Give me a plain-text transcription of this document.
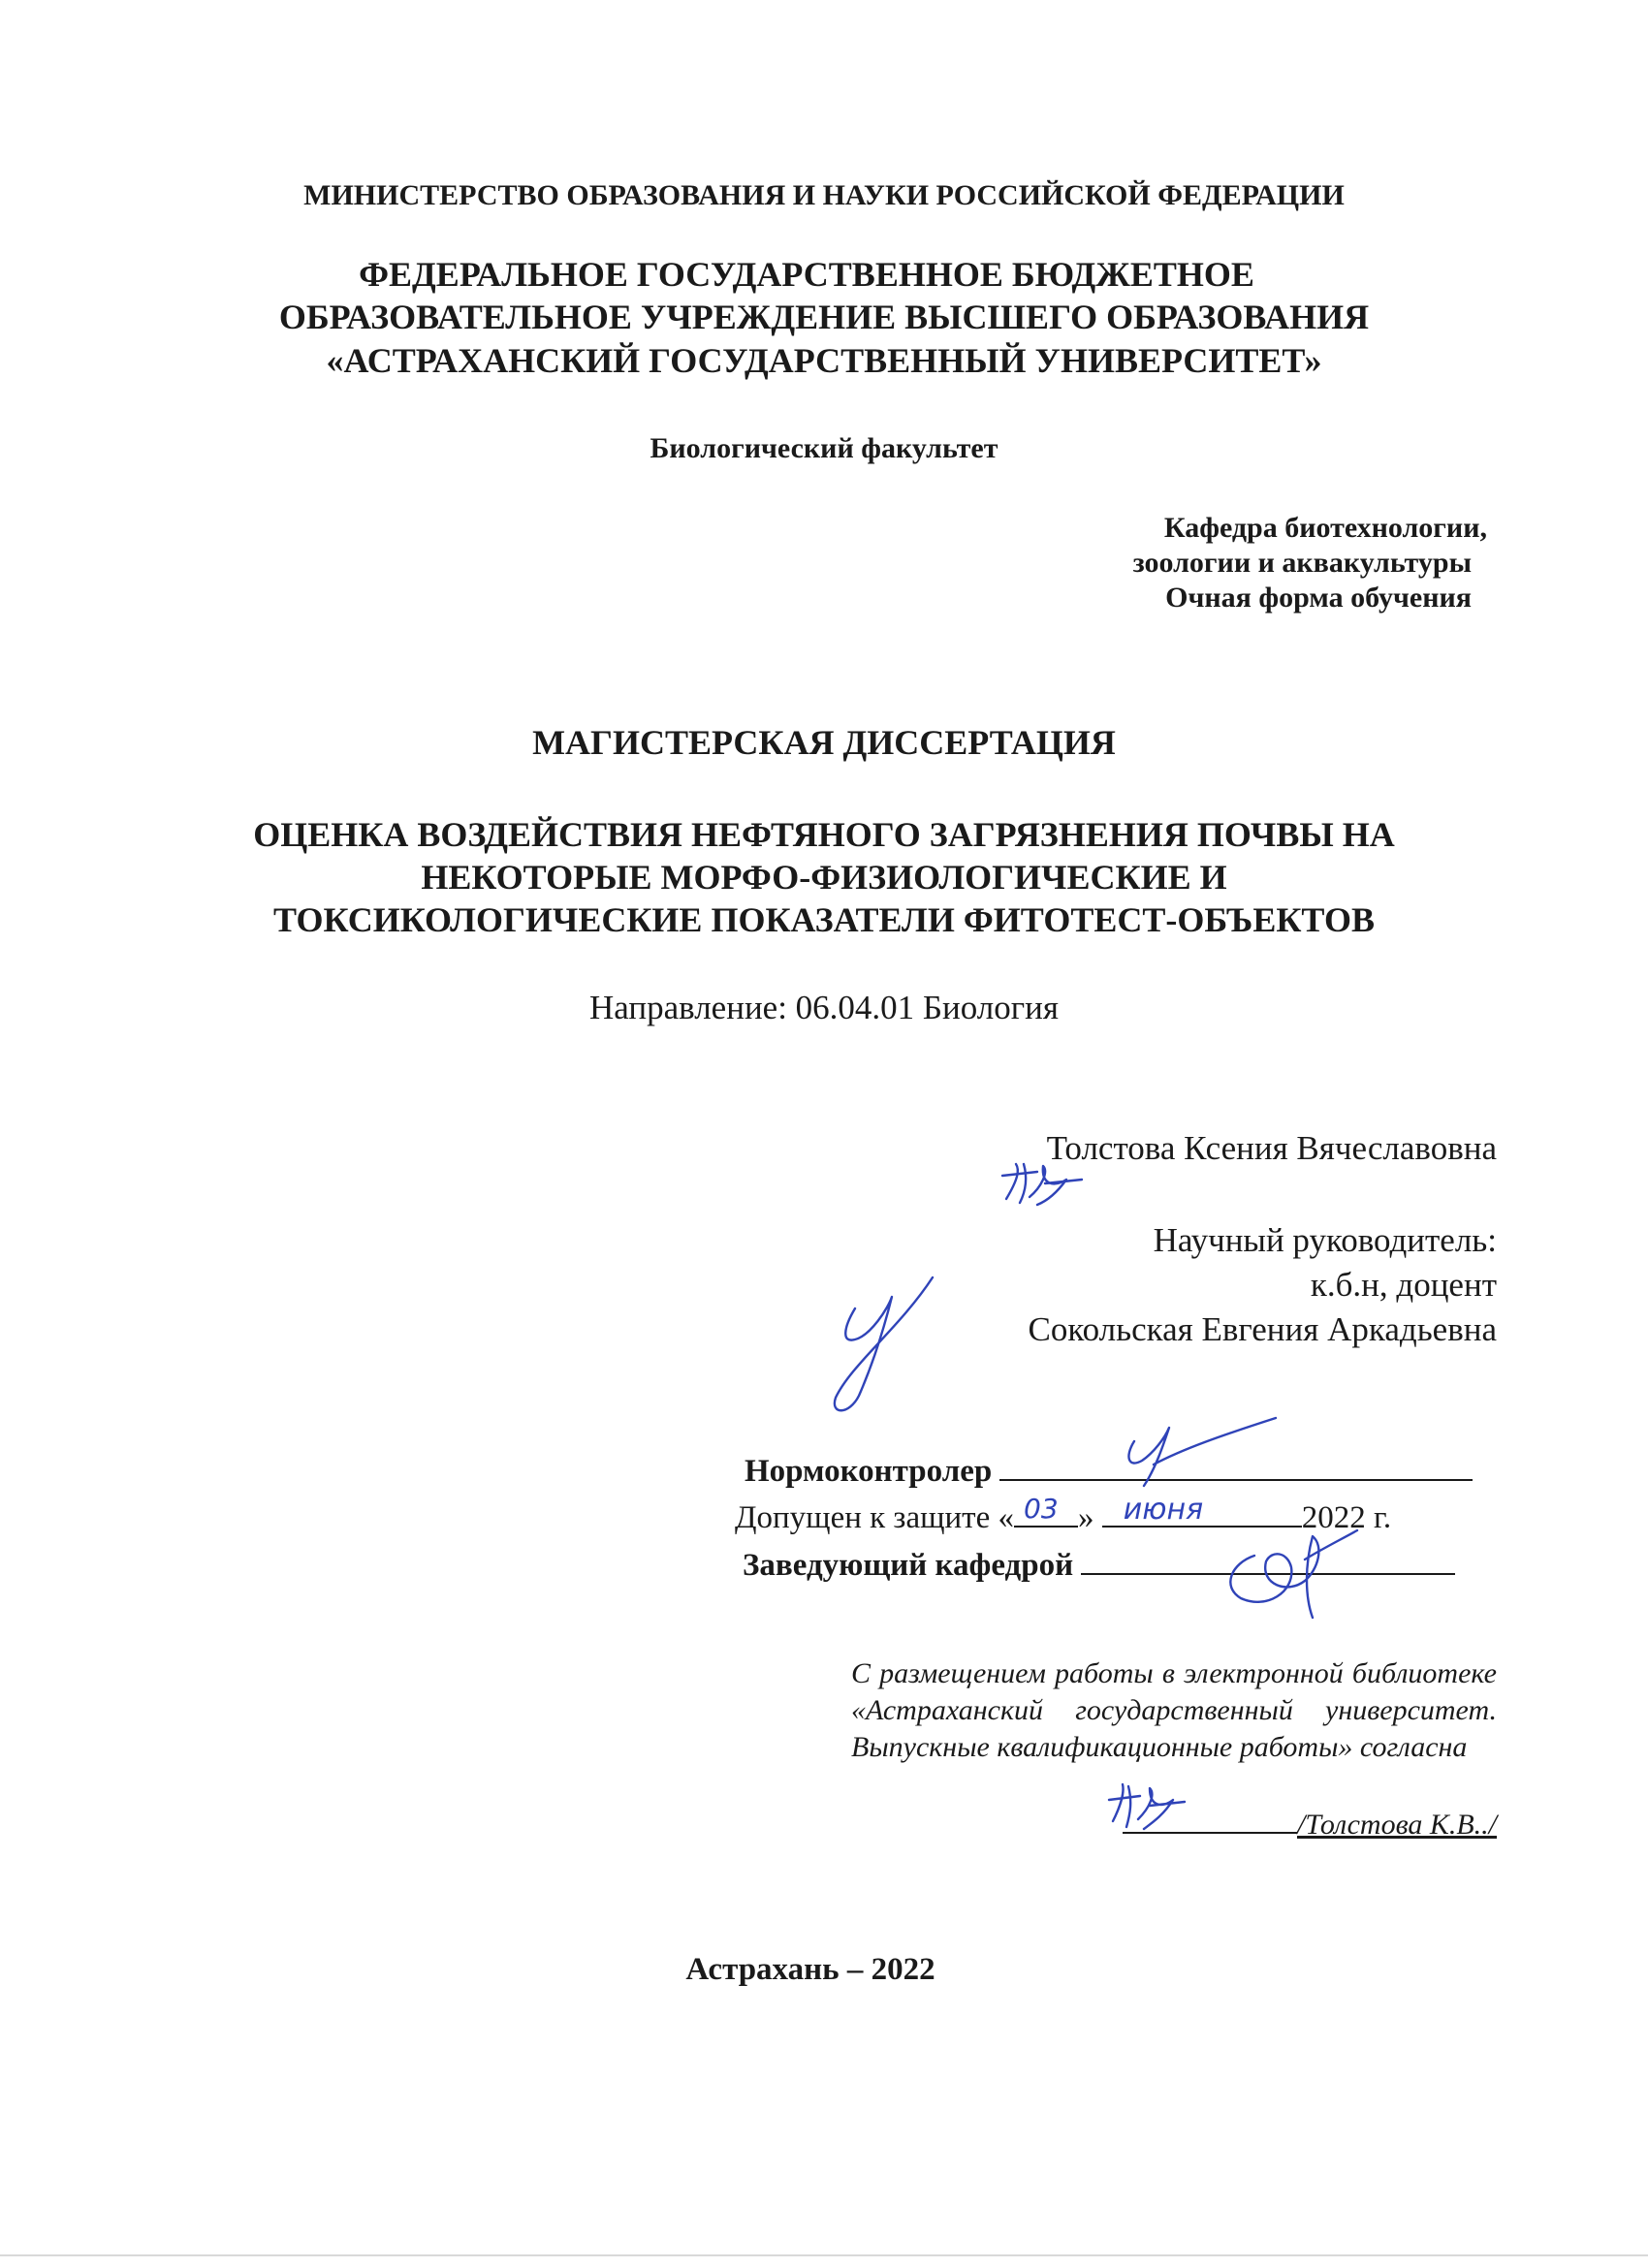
МИНИСТЕРСТВО ОБРАЗОВАНИЯ И НАУКИ РОССИЙСКОЙ ФЕДЕРАЦИИ
ФЕДЕРАЛЬНОЕ ГОСУДАРСТВЕННОЕ БЮДЖЕТНОЕ
ОБРАЗОВАТЕЛЬНОЕ УЧРЕЖДЕНИЕ ВЫСШЕГО ОБРАЗОВАНИЯ
«АСТРАХАНСКИЙ ГОСУДАРСТВЕННЫЙ УНИВЕРСИТЕТ»
Биологический факультет
Кафедра биотехнологии,
зоологии и аквакультуры
Очная форма обучения
МАГИСТЕРСКАЯ ДИССЕРТАЦИЯ
ОЦЕНКА ВОЗДЕЙСТВИЯ НЕФТЯНОГО ЗАГРЯЗНЕНИЯ ПОЧВЫ НА
НЕКОТОРЫЕ МОРФО-ФИЗИОЛОГИЧЕСКИЕ И
ТОКСИКОЛОГИЧЕСКИЕ ПОКАЗАТЕЛИ ФИТОТЕСТ-ОБЪЕКТОВ
Направление: 06.04.01 Биология
Толстова Ксения Вячеславовна
Научный руководитель:
к.б.н, доцент
Сокольская Евгения Аркадьевна
Нормоконтролер
Допущен к защите « 03 » июня	2022 г.
Заведующий кафедрой
С размещением работы в электронной библиотеке «Астраханский государственный университет. Выпускные квалификационные работы» согласна
/Толстова К.В../
Астрахань – 2022
